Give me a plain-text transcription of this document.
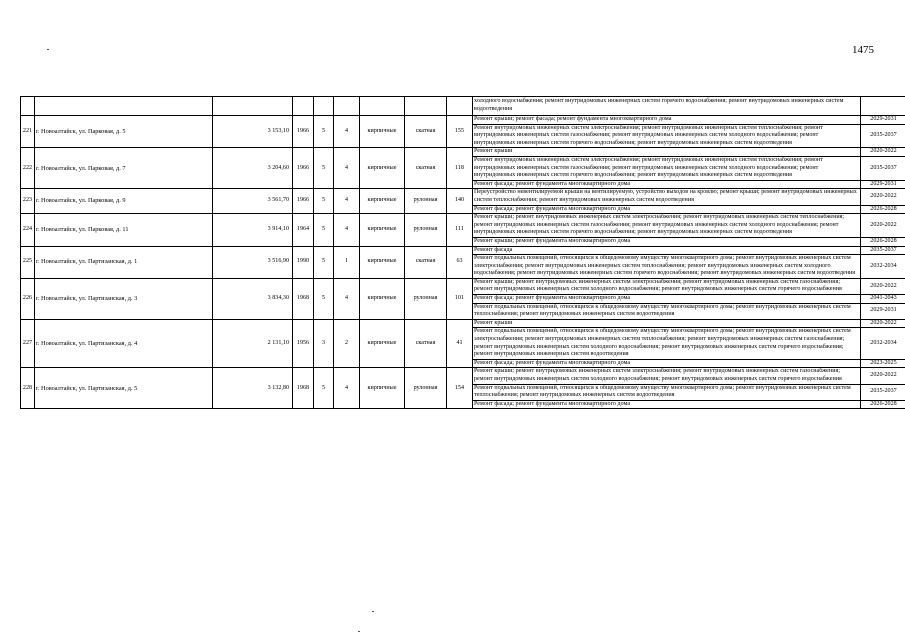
1475
									холодного водоснабжения; ремонт внутридомовых инженерных систем горячего водоснабжения; ремонт внутридомовых инженерных систем водоотведения	
221	г. Новоалтайск, ул. Парковая, д. 5	3 153,10	1966	5	4	кирпичные	скатная	155	Ремонт крыши; ремонт фасада; ремонт фундамента многоквартирного дома	2029-2031
									Ремонт внутридомовых инженерных систем электроснабжения; ремонт внутридомовых инженерных систем теплоснабжения; ремонт внутридомовых инженерных систем газоснабжения; ремонт внутридомовых инженерных систем холодного водоснабжения; ремонт внутридомовых инженерных систем горячего водоснабжения; ремонт внутридомовых инженерных систем водоотведения	2035-2037
222	г. Новоалтайск, ул. Парковая, д. 7	3 204,60	1966	5	4	кирпичные	скатная	118	Ремонт крыши	2020-2022
									Ремонт внутридомовых инженерных систем электроснабжения; ремонт внутридомовых инженерных систем теплоснабжения; ремонт внутридомовых инженерных систем газоснабжения; ремонт внутридомовых инженерных систем холодного водоснабжения; ремонт внутридомовых инженерных систем горячего водоснабжения; ремонт внутридомовых инженерных систем водоотведения	2035-2037
									Ремонт фасада; ремонт фундамента многоквартирного дома	2029-2031
223	г. Новоалтайск, ул. Парковая, д. 9	3 561,70	1966	5	4	кирпичные	рулонная	140	Переустройство невентилируемой крыши на вентилируемую, устройство выходов на кровлю; ремонт крыши; ремонт внутридомовых инженерных систем теплоснабжения; ремонт внутридомовых инженерных систем водоотведения	2020-2022
									Ремонт фасада; ремонт фундамента многоквартирного дома	2026-2028
224	г. Новоалтайск, ул. Парковая, д. 11	3 914,10	1964	5	4	кирпичные	рулонная	111	Ремонт крыши; ремонт внутридомовых инженерных систем электроснабжения; ремонт внутридомовых инженерных систем теплоснабжения; ремонт внутридомовых инженерных систем газоснабжения; ремонт внутридомовых инженерных систем холодного водоснабжения; ремонт внутридомовых инженерных систем горячего водоснабжения; ремонт внутридомовых инженерных систем водоотведения	2020-2022
									Ремонт крыши; ремонт фундамента многоквартирного дома	2026-2028
225	г. Новоалтайск, ул. Партизанская, д. 1	3 516,90	1990	5	1	кирпичные	скатная	63	Ремонт фасада	2035-2037
									Ремонт подвальных помещений, относящихся к общедомовому имуществу многоквартирного дома; ремонт внутридомовых инженерных систем электроснабжения; ремонт внутридомовых инженерных систем теплоснабжения; ремонт внутридомовых инженерных систем холодного водоснабжения; ремонт внутридомовых инженерных систем горячего водоснабжения; ремонт внутридомовых инженерных систем водоотведения	2032-2034
226	г. Новоалтайск, ул. Партизанская, д. 3	3 834,30	1968	5	4	кирпичные	рулонная	101	Ремонт крыши; ремонт внутридомовых инженерных систем электроснабжения; ремонт внутридомовых инженерных систем газоснабжения; ремонт внутридомовых инженерных систем холодного водоснабжения; ремонт внутридомовых инженерных систем горячего водоснабжения	2020-2022
									Ремонт фасада; ремонт фундамента многоквартирного дома	2041-2043
									Ремонт подвальных помещений, относящихся к общедомовому имуществу многоквартирного дома; ремонт внутридомовых инженерных систем теплоснабжения; ремонт внутридомовых инженерных систем водоотведения	2029-2031
227	г. Новоалтайск, ул. Партизанская, д. 4	2 131,10	1956	3	2	кирпичные	скатная	41	Ремонт крыши	2020-2022
									Ремонт подвальных помещений, относящихся к общедомовому имуществу многоквартирного дома; ремонт внутридомовых инженерных систем электроснабжения; ремонт внутридомовых инженерных систем теплоснабжения; ремонт внутридомовых инженерных систем газоснабжения; ремонт внутридомовых инженерных систем холодного водоснабжения; ремонт внутридомовых инженерных систем горячего водоснабжения; ремонт внутридомовых инженерных систем водоотведения	2032-2034
									Ремонт фасада; ремонт фундамента многоквартирного дома	2023-2025
228	г. Новоалтайск, ул. Партизанская, д. 5	3 132,80	1968	5	4	кирпичные	рулонная	154	Ремонт крыши; ремонт внутридомовых инженерных систем электроснабжения; ремонт внутридомовых инженерных систем газоснабжения; ремонт внутридомовых инженерных систем холодного водоснабжения; ремонт внутридомовых инженерных систем горячего водоснабжения	2020-2022
									Ремонт подвальных помещений, относящихся к общедомовому имуществу многоквартирного дома; ремонт внутридомовых инженерных систем теплоснабжения; ремонт внутридомовых инженерных систем водоотведения	2035-2037
									Ремонт фасада; ремонт фундамента многоквартирного дома	2026-2028
